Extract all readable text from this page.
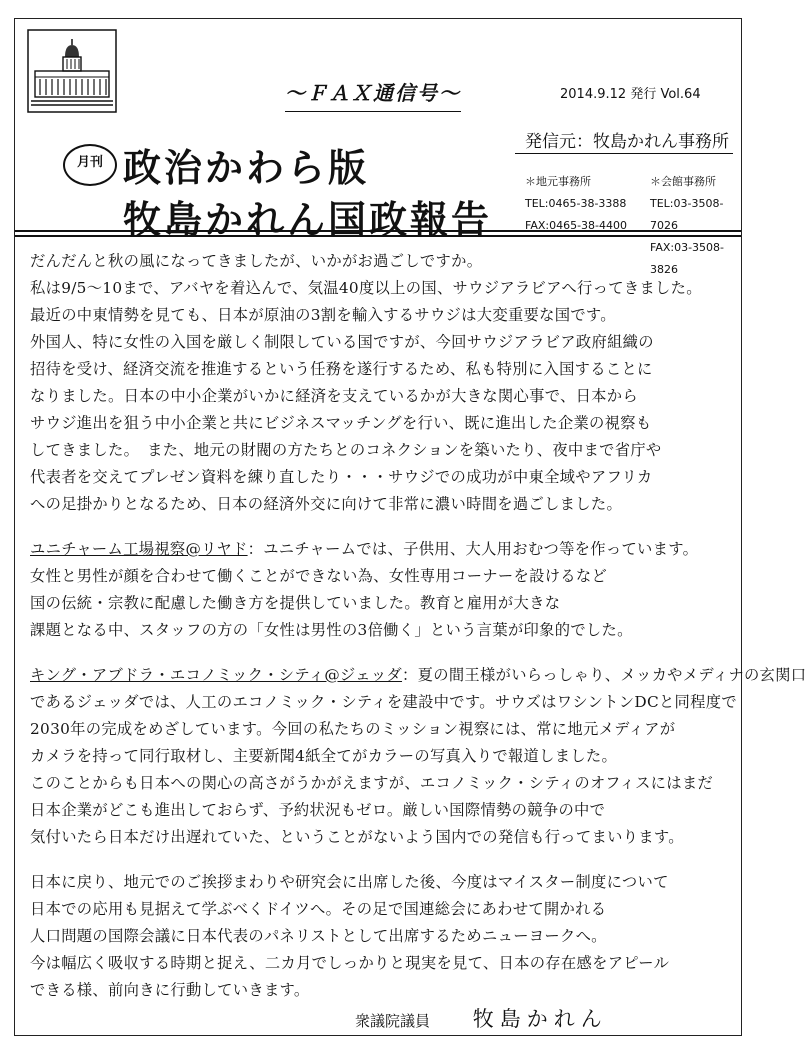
～ＦＡＸ通信号～	2014.9.12 発行 Vol.64
月刊 政治かわら版
牧島かれん国政報告
発信元：牧島かれん事務所
＊地元事務所
TEL:0465-38-3388
FAX:0465-38-4400
＊会館事務所
TEL:03-3508-7026
FAX:03-3508-3826
だんだんと秋の風になってきましたが、いかがお過ごしですか。
私は9/5～10まで、アバヤを着込んで、気温40度以上の国、サウジアラビアへ行ってきました。
最近の中東情勢を見ても、日本が原油の3割を輸入するサウジは大変重要な国です。
外国人、特に女性の入国を厳しく制限している国ですが、今回サウジアラビア政府組織の
招待を受け、経済交流を推進するという任務を遂行するため、私も特別に入国することに
なりました。日本の中小企業がいかに経済を支えているかが大きな関心事で、日本から
サウジ進出を狙う中小企業と共にビジネスマッチングを行い、既に進出した企業の視察も
してきました。　また、地元の財閥の方たちとのコネクションを築いたり、夜中まで省庁や
代表者を交えてプレゼン資料を練り直したり・・・サウジでの成功が中東全域やアフリカ
への足掛かりとなるため、日本の経済外交に向けて非常に濃い時間を過ごしました。
ユニチャーム工場視察@リヤド：ユニチャームでは、子供用、大人用おむつ等を作っています。
女性と男性が顔を合わせて働くことができない為、女性専用コーナーを設けるなど
国の伝統・宗教に配慮した働き方を提供していました。教育と雇用が大きな
課題となる中、スタッフの方の「女性は男性の3倍働く」という言葉が印象的でした。
キング・アブドラ・エコノミック・シティ@ジェッダ：夏の間王様がいらっしゃり、メッカやメディナの玄関口
であるジェッダでは、人工のエコノミック・シティを建設中です。サウズはワシントンDCと同程度で
2030年の完成をめざしています。今回の私たちのミッション視察には、常に地元メディアが
カメラを持って同行取材し、主要新聞4紙全てがカラーの写真入りで報道しました。
このことからも日本への関心の高さがうかがえますが、エコノミック・シティのオフィスにはまだ
日本企業がどこも進出しておらず、予約状況もゼロ。厳しい国際情勢の競争の中で
気付いたら日本だけ出遅れていた、ということがないよう国内での発信も行ってまいります。
日本に戻り、地元でのご挨拶まわりや研究会に出席した後、今度はマイスター制度について
日本での応用も見据えて学ぶべくドイツへ。その足で国連総会にあわせて開かれる
人口問題の国際会議に日本代表のパネリストとして出席するためニューヨークへ。
今は幅広く吸収する時期と捉え、二カ月でしっかりと現実を見て、日本の存在感をアピール
できる様、前向きに行動していきます。
衆議院議員 牧島かれん
